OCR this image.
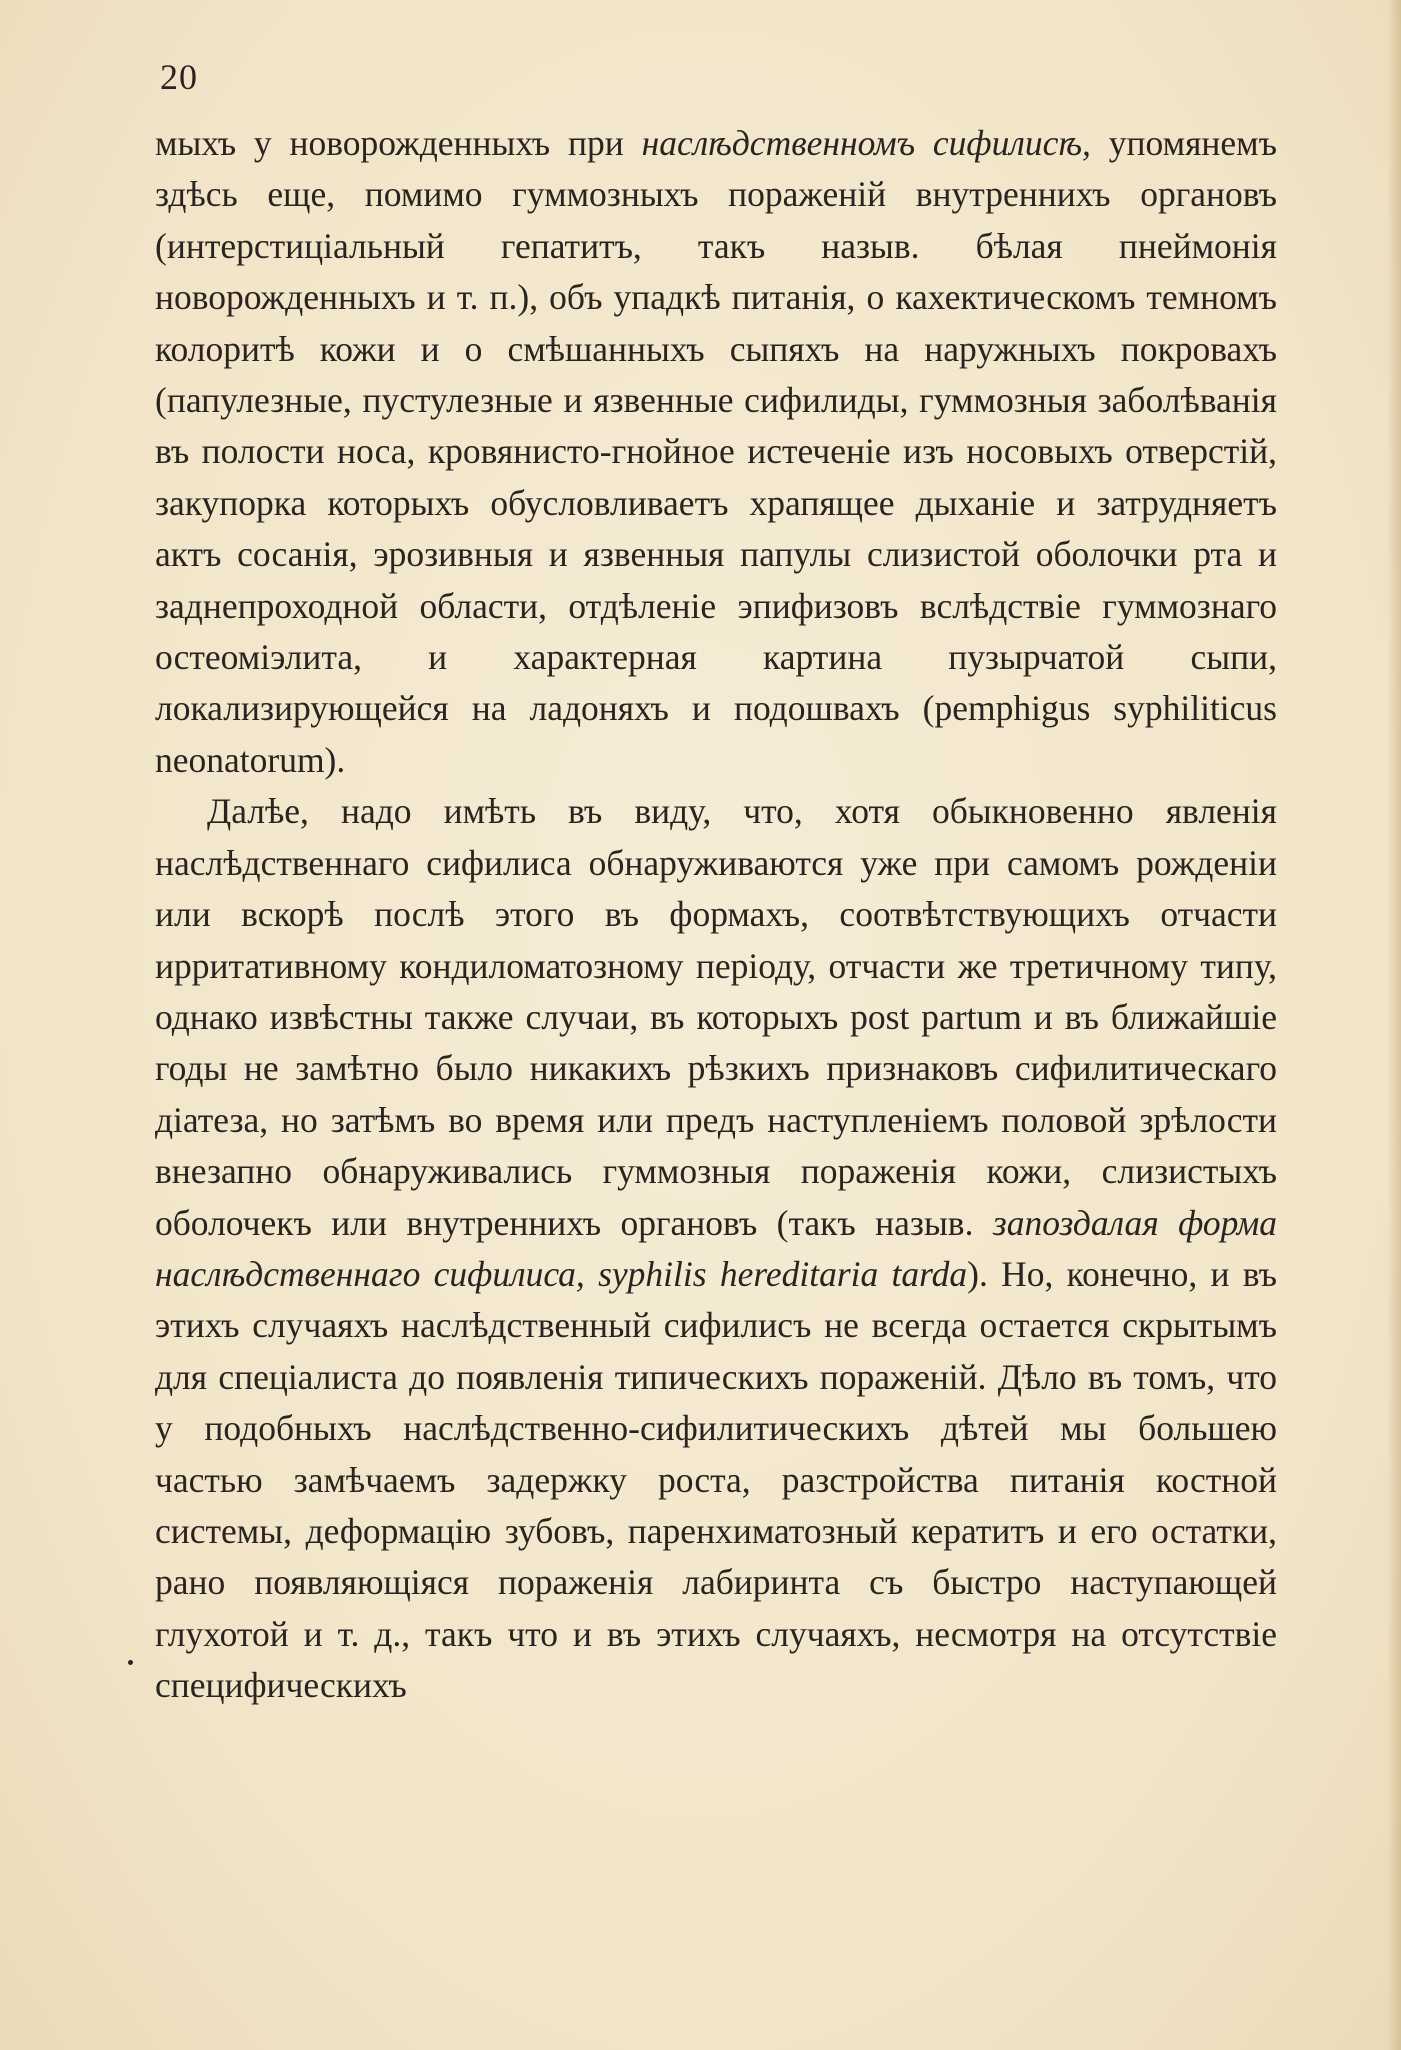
20

мыхъ у новорожденныхъ при наслѣдственномъ сифилисѣ, упомянемъ здѣсь еще, помимо гуммозныхъ пораженій внутреннихъ органовъ (интерстиціальный гепатитъ, такъ назыв. бѣлая пнеймонія новорожденныхъ и т. п.), объ упадкѣ питанія, о кахектическомъ темномъ колоритѣ кожи и о смѣшанныхъ сыпяхъ на наружныхъ покровахъ (папулезные, пустулезные и язвенные сифилиды, гуммозныя заболѣванія въ полости носа, кровянисто-гнойное истеченіе изъ носовыхъ отверстій, закупорка которыхъ обусловливаетъ храпящее дыханіе и затрудняетъ актъ сосанія, эрозивныя и язвенныя папулы слизистой оболочки рта и заднепроходной области, отдѣленіе эпифизовъ вслѣдствіе гуммознаго остеоміэлита, и характерная картина пузырчатой сыпи, локализирующейся на ладоняхъ и подошвахъ (pemphigus syphiliticus neonatorum).

Далѣе, надо имѣть въ виду, что, хотя обыкновенно явленія наслѣдственнаго сифилиса обнаруживаются уже при самомъ рожденіи или вскорѣ послѣ этого въ формахъ, соотвѣтствующихъ отчасти ирритативному кондиломатозному періоду, отчасти же третичному типу, однако извѣстны также случаи, въ которыхъ post partum и въ ближайшіе годы не замѣтно было никакихъ рѣзкихъ признаковъ сифилитическаго діатеза, но затѣмъ во время или предъ наступленіемъ половой зрѣлости внезапно обнаруживались гуммозныя пораженія кожи, слизистыхъ оболочекъ или внутреннихъ органовъ (такъ назыв. запоздалая форма наслѣдственнаго сифилиса, syphilis hereditaria tarda). Но, конечно, и въ этихъ случаяхъ наслѣдственный сифилисъ не всегда остается скрытымъ для спеціалиста до появленія типическихъ пораженій. Дѣло въ томъ, что у подобныхъ наслѣдственно-сифилитическихъ дѣтей мы большею частью замѣчаемъ задержку роста, разстройства питанія костной системы, деформацію зубовъ, паренхиматозный кератитъ и его остатки, рано появляющіяся пораженія лабиринта съ быстро наступающей глухотой и т. д., такъ что и въ этихъ случаяхъ, несмотря на отсутствіе специфическихъ
